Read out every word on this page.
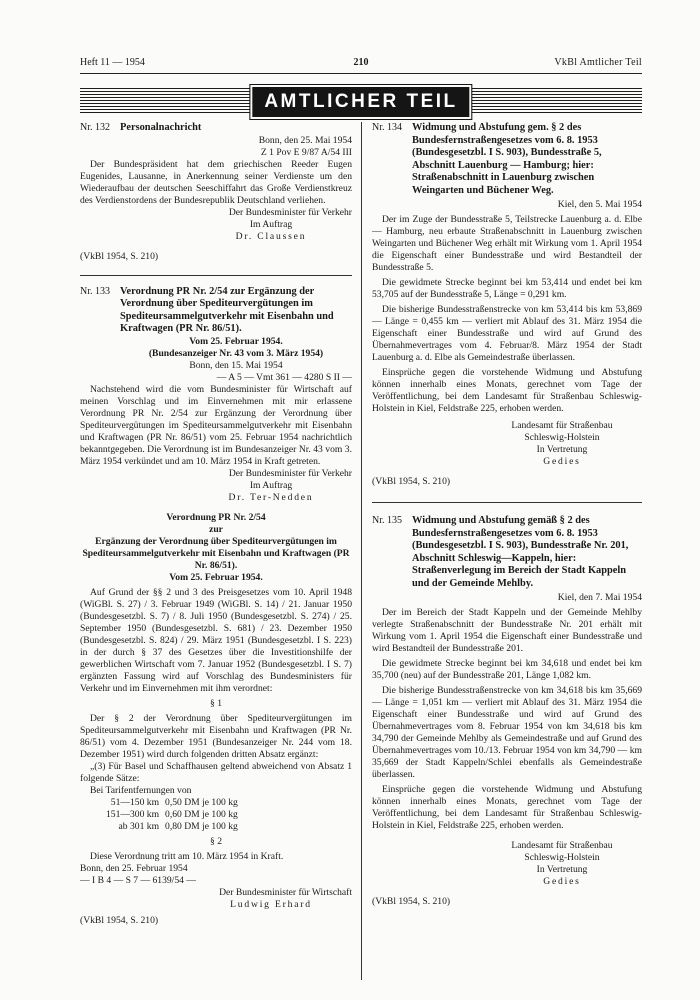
Heft 11 — 1954	210	VkBl Amtlicher Teil
AMTLICHER TEIL
Nr. 132 Personalnachricht
Bonn, den 25. Mai 1954
Z 1 Pov E 9/87 A/54 III

Der Bundespräsident hat dem griechischen Reeder Eugen Eugenides, Lausanne, in Anerkennung seiner Verdienste um den Wiederaufbau der deutschen Seeschiffahrt das Große Verdienstkreuz des Verdienstordens der Bundesrepublik Deutschland verliehen.

Der Bundesminister für Verkehr
Im Auftrag
Dr. Claussen
(VkBl 1954, S. 210)
Nr. 133 Verordnung PR Nr. 2/54 zur Ergänzung der Verordnung über Speditеurvergütungen im Spediteursammelgutverkehr mit Eisenbahn und Kraftwagen (PR Nr. 86/51).
Vom 25. Februar 1954.
(Bundesanzeiger Nr. 43 vom 3. März 1954)
Bonn, den 15. Mai 1954
— A 5 — Vmt 361 — 4280 S II —

Nachstehend wird die vom Bundesminister für Wirtschaft auf meinen Vorschlag und im Einvernehmen mit mir erlassene Verordnung PR Nr. 2/54 zur Ergänzung der Verordnung über Spediteurvergütungen im Spediteursammelgutverkehr mit Eisenbahn und Kraftwagen (PR Nr. 86/51) vom 25. Februar 1954 nachrichtlich bekanntgegeben. Die Verordnung ist im Bundesanzeiger Nr. 43 vom 3. März 1954 verkündet und am 10. März 1954 in Kraft getreten.

Der Bundesminister für Verkehr
Im Auftrag
Dr. Ter-Nedden
Verordnung PR Nr. 2/54
zur
Ergänzung der Verordnung über Spediteurvergütungen im Spediteursammelgutverkehr mit Eisenbahn und Kraftwagen (PR Nr. 86/51).
Vom 25. Februar 1954.

Auf Grund der §§ 2 und 3 des Preisgesetzes vom 10. April 1948 (WiGBl. S. 27) / 3. Februar 1949 (WiGBl. S. 14) / 21. Januar 1950 (Bundesgesetzbl. S. 7) / 8. Juli 1950 (Bundesgesetzbl. S. 274) / 25. September 1950 (Bundesgesetzbl. S. 681) / 23. Dezember 1950 (Bundesgesetzbl. S. 824) / 29. März 1951 (Bundesgesetzbl. I S. 223) in der durch § 37 des Gesetzes über die Investitionshilfe der gewerblichen Wirtschaft vom 7. Januar 1952 (Bundesgesetzbl. I S. 7) ergänzten Fassung wird auf Vorschlag des Bundesministers für Verkehr und im Einvernehmen mit ihm verordnet:

§ 1

Der § 2 der Verordnung über Spediteurvergütungen im Spediteursammelgutverkehr mit Eisenbahn und Kraftwagen (PR Nr. 86/51) vom 4. Dezember 1951 (Bundesanzeiger Nr. 244 vom 18. Dezember 1951) wird durch folgenden dritten Absatz ergänzt:

„(3) Für Basel und Schaffhausen geltend abweichend von Absatz 1 folgende Sätze:

Bei Tarifentfernungen von
51—150 km	0,50 DM je 100 kg
151—300 km	0,60 DM je 100 kg
ab 301 km	0,80 DM je 100 kg
§ 2

Diese Verordnung tritt am 10. März 1954 in Kraft.

Bonn, den 25. Februar 1954
— I B 4 — S 7 — 6139/54 —
Der Bundesminister für Wirtschaft
Ludwig Erhard
(VkBl 1954, S. 210)
Nr. 134 Widmung und Abstufung gem. § 2 des Bundesfernstraßengesetzes vom 6. 8. 1953 (Bundesgesetzbl. I S. 903), Bundesstraße 5, Abschnitt Lauenburg — Hamburg; hier: Straßenabschnitt in Lauenburg zwischen Weingarten und Büchener Weg.
Kiel, den 5. Mai 1954

Der im Zuge der Bundesstraße 5, Teilstrecke Lauenburg a. d. Elbe — Hamburg, neu erbaute Straßenabschnitt in Lauenburg zwischen Weingarten und Büchener Weg erhält mit Wirkung vom 1. April 1954 die Eigenschaft einer Bundesstraße und wird Bestandteil der Bundesstraße 5.

Die gewidmete Strecke beginnt bei km 53,414 und endet bei km 53,705 auf der Bundesstraße 5, Länge = 0,291 km.

Die bisherige Bundesstraßenstrecke von km 53,414 bis km 53,869 — Länge = 0,455 km — verliert mit Ablauf des 31. März 1954 die Eigenschaft einer Bundesstraße und wird auf Grund des Übernahmevertrages vom 4. Februar/8. März 1954 der Stadt Lauenburg a. d. Elbe als Gemeindestraße überlassen.

Einsprüche gegen die vorstehende Widmung und Abstufung können innerhalb eines Monats, gerechnet vom Tage der Veröffentlichung, bei dem Landesamt für Straßenbau Schleswig-Holstein in Kiel, Feldstraße 225, erhoben werden.

Landesamt für Straßenbau
Schleswig-Holstein
In Vertretung
Gedies
(VkBl 1954, S. 210)
Nr. 135 Widmung und Abstufung gemäß § 2 des Bundesfernstraßengesetzes vom 6. 8. 1953 (Bundesgesetzbl. I S. 903), Bundesstraße Nr. 201, Abschnitt Schleswig—Kappeln, hier: Straßenverlegung im Bereich der Stadt Kappeln und der Gemeinde Mehlby.
Kiel, den 7. Mai 1954

Der im Bereich der Stadt Kappeln und der Gemeinde Mehlby verlegte Straßenabschnitt der Bundesstraße Nr. 201 erhält mit Wirkung vom 1. April 1954 die Eigenschaft einer Bundesstraße und wird Bestandteil der Bundesstraße 201.

Die gewidmete Strecke beginnt bei km 34,618 und endet bei km 35,700 (neu) auf der Bundesstraße 201, Länge 1,082 km.

Die bisherige Bundesstraßenstrecke von km 34,618 bis km 35,669 — Länge = 1,051 km — verliert mit Ablauf des 31. März 1954 die Eigenschaft einer Bundesstraße und wird auf Grund des Übernahmevertrages vom 8. Februar 1954 von km 34,618 bis km 34,790 der Gemeinde Mehlby als Gemeindestraße und auf Grund des Übernahmevertrages vom 10./13. Februar 1954 von km 34,790 — km 35,669 der Stadt Kappeln/Schlei ebenfalls als Gemeindestraße überlassen.

Einsprüche gegen die vorstehende Widmung und Abstufung können innerhalb eines Monats, gerechnet vom Tage der Veröffentlichung, bei dem Landesamt für Straßenbau Schleswig-Holstein in Kiel, Feldstraße 225, erhoben werden.

Landesamt für Straßenbau
Schleswig-Holstein
In Vertretung
Gedies
(VkBl 1954, S. 210)
